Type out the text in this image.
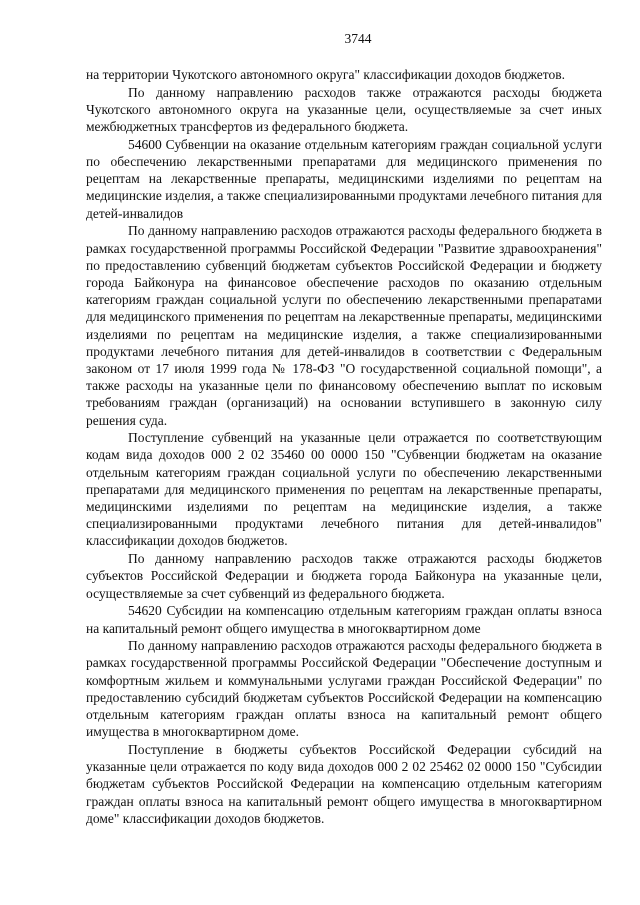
3744

на территории Чукотского автономного округа" классификации доходов бюджетов.

По данному направлению расходов также отражаются расходы бюджета Чукотского автономного округа на указанные цели, осуществляемые за счет иных межбюджетных трансфертов из федерального бюджета.

54600 Субвенции на оказание отдельным категориям граждан социальной услуги по обеспечению лекарственными препаратами для медицинского применения по рецептам на лекарственные препараты, медицинскими изделиями по рецептам на медицинские изделия, а также специализированными продуктами лечебного питания для детей-инвалидов

По данному направлению расходов отражаются расходы федерального бюджета в рамках государственной программы Российской Федерации "Развитие здравоохранения" по предоставлению субвенций бюджетам субъектов Российской Федерации и бюджету города Байконура на финансовое обеспечение расходов по оказанию отдельным категориям граждан социальной услуги по обеспечению лекарственными препаратами для медицинского применения по рецептам на лекарственные препараты, медицинскими изделиями по рецептам на медицинские изделия, а также специализированными продуктами лечебного питания для детей-инвалидов в соответствии с Федеральным законом от 17 июля 1999 года № 178-ФЗ "О государственной социальной помощи", а также расходы на указанные цели по финансовому обеспечению выплат по исковым требованиям граждан (организаций) на основании вступившего в законную силу решения суда.

Поступление субвенций на указанные цели отражается по соответствующим кодам вида доходов 000 2 02 35460 00 0000 150 "Субвенции бюджетам на оказание отдельным категориям граждан социальной услуги по обеспечению лекарственными препаратами для медицинского применения по рецептам на лекарственные препараты, медицинскими изделиями по рецептам на медицинские изделия, а также специализированными продуктами лечебного питания для детей-инвалидов" классификации доходов бюджетов.

По данному направлению расходов также отражаются расходы бюджетов субъектов Российской Федерации и бюджета города Байконура на указанные цели, осуществляемые за счет субвенций из федерального бюджета.

54620 Субсидии на компенсацию отдельным категориям граждан оплаты взноса на капитальный ремонт общего имущества в многоквартирном доме

По данному направлению расходов отражаются расходы федерального бюджета в рамках государственной программы Российской Федерации "Обеспечение доступным и комфортным жильем и коммунальными услугами граждан Российской Федерации" по предоставлению субсидий бюджетам субъектов Российской Федерации на компенсацию отдельным категориям граждан оплаты взноса на капитальный ремонт общего имущества в многоквартирном доме.

Поступление в бюджеты субъектов Российской Федерации субсидий на указанные цели отражается по коду вида доходов 000 2 02 25462 02 0000 150 "Субсидии бюджетам субъектов Российской Федерации на компенсацию отдельным категориям граждан оплаты взноса на капитальный ремонт общего имущества в многоквартирном доме" классификации доходов бюджетов.
